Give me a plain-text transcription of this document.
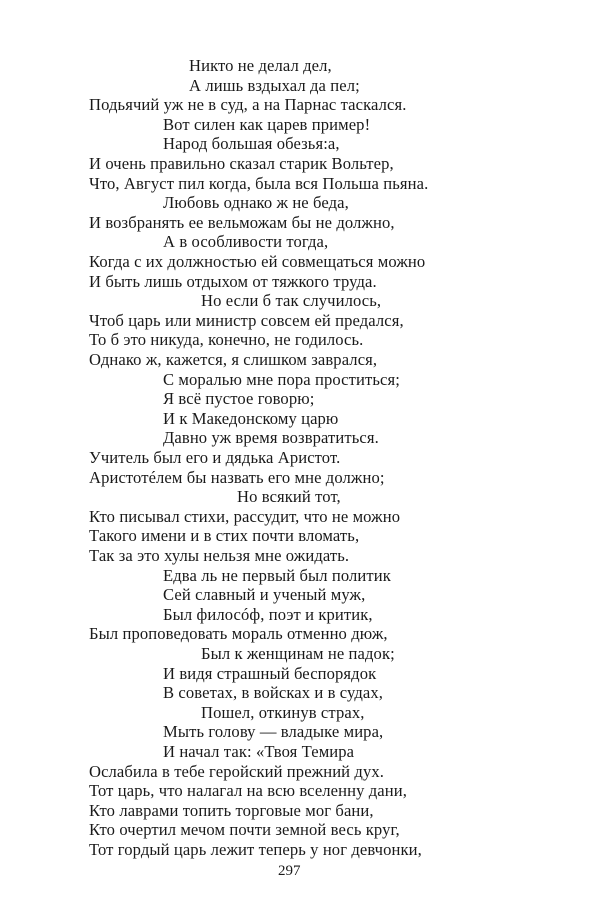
Никто не делал дел,
А лишь вздыхал да пел;
Подьячий уж не в суд, а на Парнас таскался.
Вот силен как царев пример!
Народ большая обезья:а,
И очень правильно сказал старик Вольтер,
Что, Август пил когда, была вся Польша пьяна.
Любовь однако ж не беда,
И возбранять ее вельможам бы не должно,
А в особливости тогда,
Когда с их должностью ей совмещаться можно
И быть лишь отдыхом от тяжкого труда.
Но если б так случилось,
Чтоб царь или министр совсем ей предался,
То б это никуда, конечно, не годилось.
Однако ж, кажется, я слишком заврался,
С моралью мне пора проститься;
Я всё пустое говорю;
И к Македонскому царю
Давно уж время возвратиться.
Учитель был его и дядька Аристот.
Аристотéлем бы назвать его мне должно;
Но всякий тот,
Кто писывал стихи, рассудит, что не можно
Такого имени и в стих почти вломать,
Так за это хулы нельзя мне ожидать.
Едва ль не первый был политик
Сей славный и ученый муж,
Был филосóф, поэт и критик,
Был проповедовать мораль отменно дюж,
Был к женщинам не падок;
И видя страшный беспорядок
В советах, в войсках и в судах,
Пошел, откинув страх,
Мыть голову — владыке мира,
И начал так: «Твоя Темира
Ослабила в тебе геройский прежний дух.
Тот царь, что налагал на всю вселенну дани,
Кто лаврами топить торговые мог бани,
Кто очертил мечом почти земной весь круг,
Тот гордый царь лежит теперь у ног девчонки,
297
